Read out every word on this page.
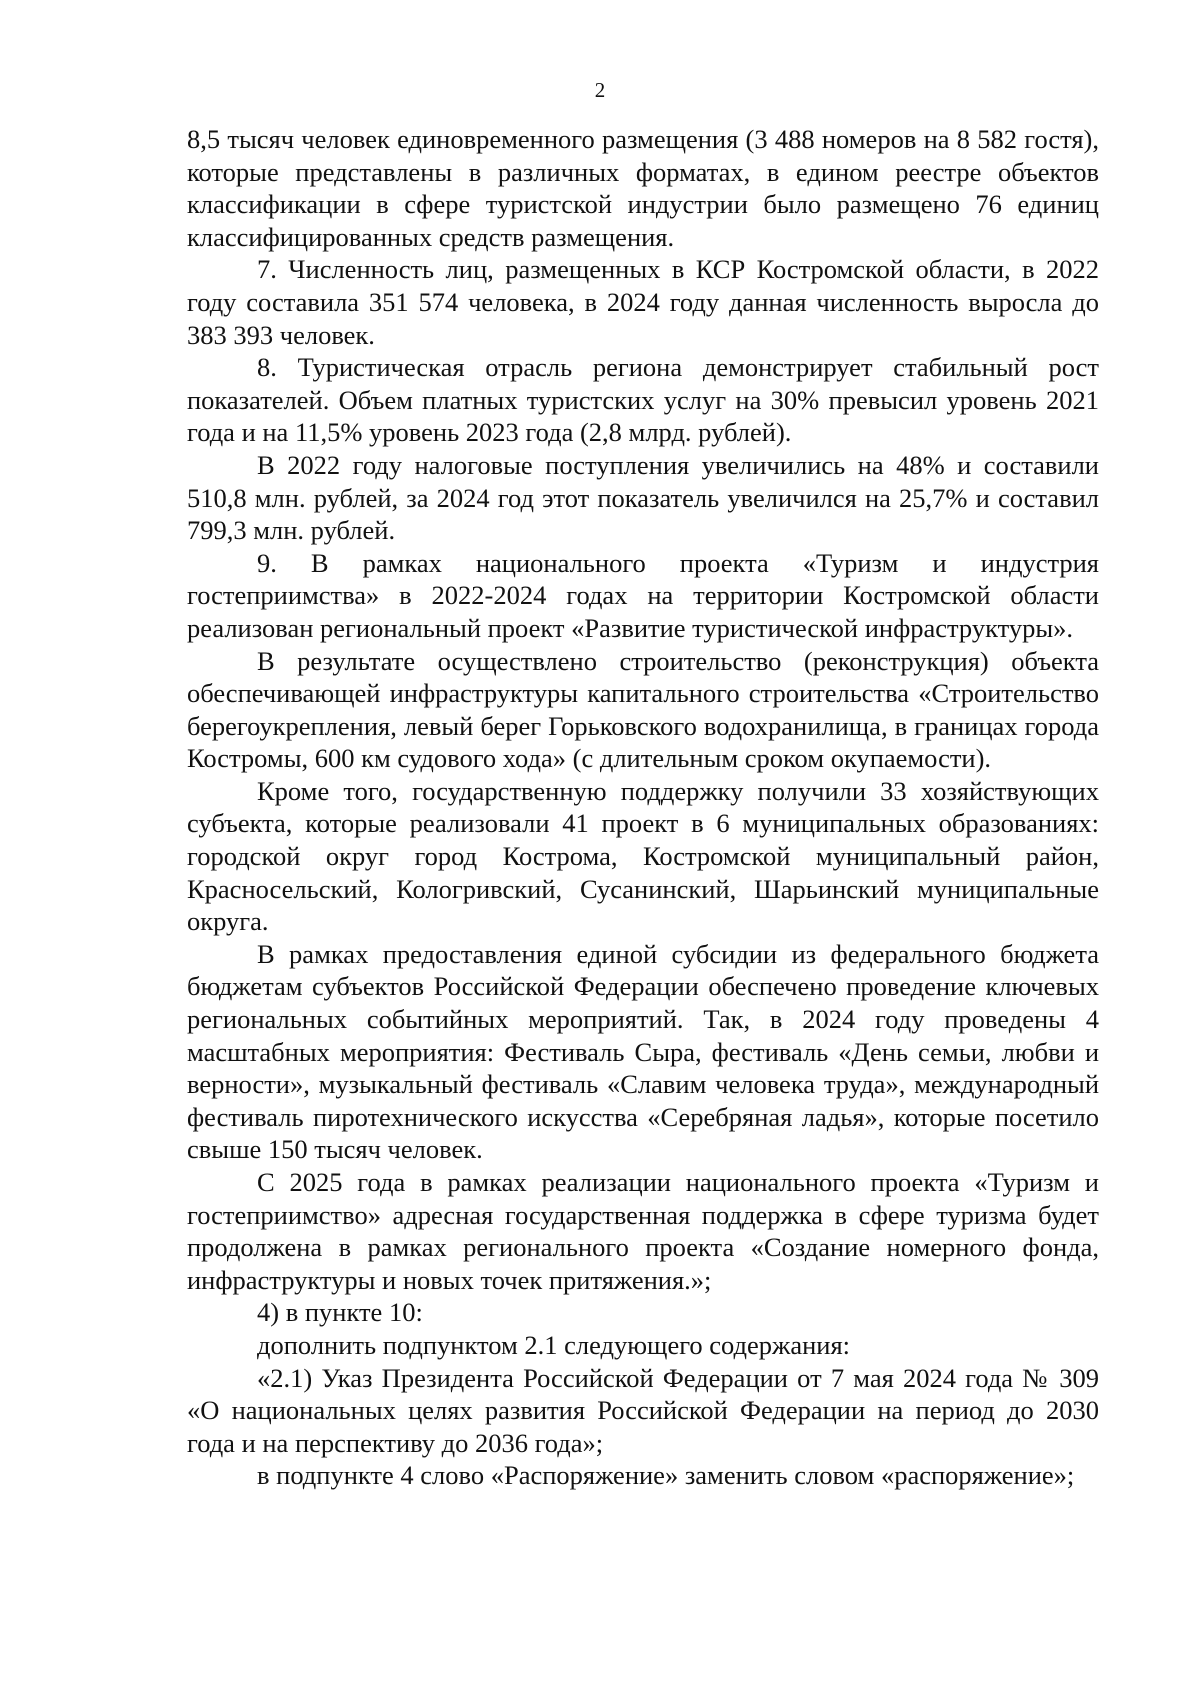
2

8,5 тысяч человек единовременного размещения (3 488 номеров на 8 582 гостя), которые представлены в различных форматах, в едином реестре объектов классификации в сфере туристской индустрии было размещено 76 единиц классифицированных средств размещения.

7. Численность лиц, размещенных в КСР Костромской области, в 2022 году составила 351 574 человека, в 2024 году данная численность выросла до 383 393 человек.

8. Туристическая отрасль региона демонстрирует стабильный рост показателей. Объем платных туристских услуг на 30% превысил уровень 2021 года и на 11,5% уровень 2023 года (2,8 млрд. рублей).

В 2022 году налоговые поступления увеличились на 48% и составили 510,8 млн. рублей, за 2024 год этот показатель увеличился на 25,7% и составил 799,3 млн. рублей.

9. В рамках национального проекта «Туризм и индустрия гостеприимства» в 2022-2024 годах на территории Костромской области реализован региональный проект «Развитие туристической инфраструктуры».

В результате осуществлено строительство (реконструкция) объекта обеспечивающей инфраструктуры капитального строительства «Строительство берегоукрепления, левый берег Горьковского водохранилища, в границах города Костромы, 600 км судового хода» (с длительным сроком окупаемости).

Кроме того, государственную поддержку получили 33 хозяйствующих субъекта, которые реализовали 41 проект в 6 муниципальных образованиях: городской округ город Кострома, Костромской муниципальный район, Красносельский, Кологривский, Сусанинский, Шарьинский муниципальные округа.

В рамках предоставления единой субсидии из федерального бюджета бюджетам субъектов Российской Федерации обеспечено проведение ключевых региональных событийных мероприятий. Так, в 2024 году проведены 4 масштабных мероприятия: Фестиваль Сыра, фестиваль «День семьи, любви и верности», музыкальный фестиваль «Славим человека труда», международный фестиваль пиротехнического искусства «Серебряная ладья», которые посетило свыше 150 тысяч человек.

С 2025 года в рамках реализации национального проекта «Туризм и гостеприимство» адресная государственная поддержка в сфере туризма будет продолжена в рамках регионального проекта «Создание номерного фонда, инфраструктуры и новых точек притяжения.»;

4) в пункте 10:

дополнить подпунктом 2.1 следующего содержания:

«2.1) Указ Президента Российской Федерации от 7 мая 2024 года № 309 «О национальных целях развития Российской Федерации на период до 2030 года и на перспективу до 2036 года»;

в подпункте 4 слово «Распоряжение» заменить словом «распоряжение»;
